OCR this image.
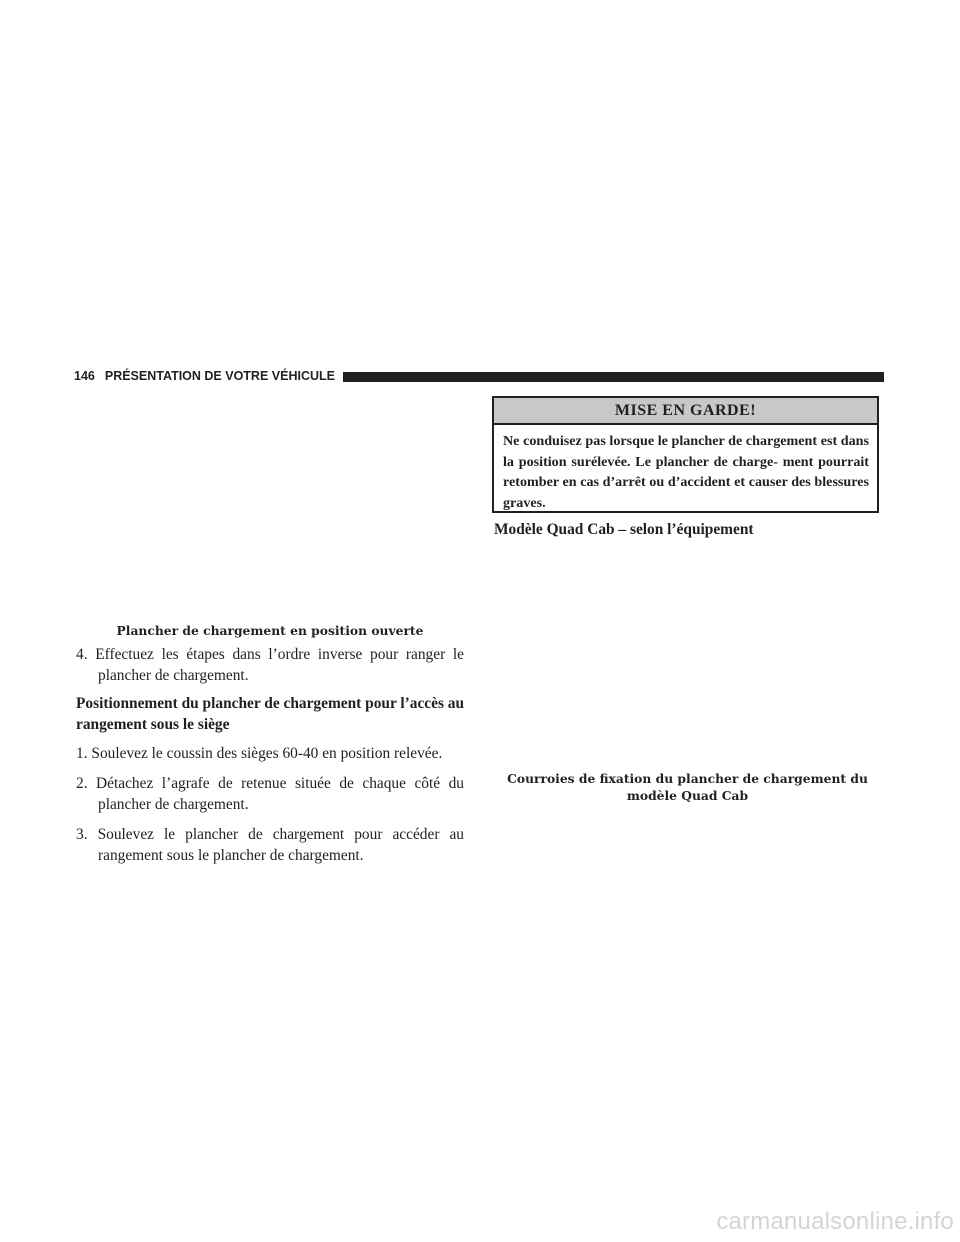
146 PRÉSENTATION DE VOTRE VÉHICULE

Plancher de chargement en position ouverte

4. Effectuez les étapes dans l’ordre inverse pour ranger le plancher de chargement.

Positionnement du plancher de chargement pour l’accès au rangement sous le siège

1. Soulevez le coussin des sièges 60-40 en position relevée.

2. Détachez l’agrafe de retenue située de chaque côté du plancher de chargement.

3. Soulevez le plancher de chargement pour accéder au rangement sous le plancher de chargement.

MISE EN GARDE!

Ne conduisez pas lorsque le plancher de chargement est dans la position surélevée. Le plancher de charge- ment pourrait retomber en cas d’arrêt ou d’accident et causer des blessures graves.

Modèle Quad Cab – selon l’équipement

Courroies de fixation du plancher de chargement du

modèle Quad Cab

carmanualsonline.info
